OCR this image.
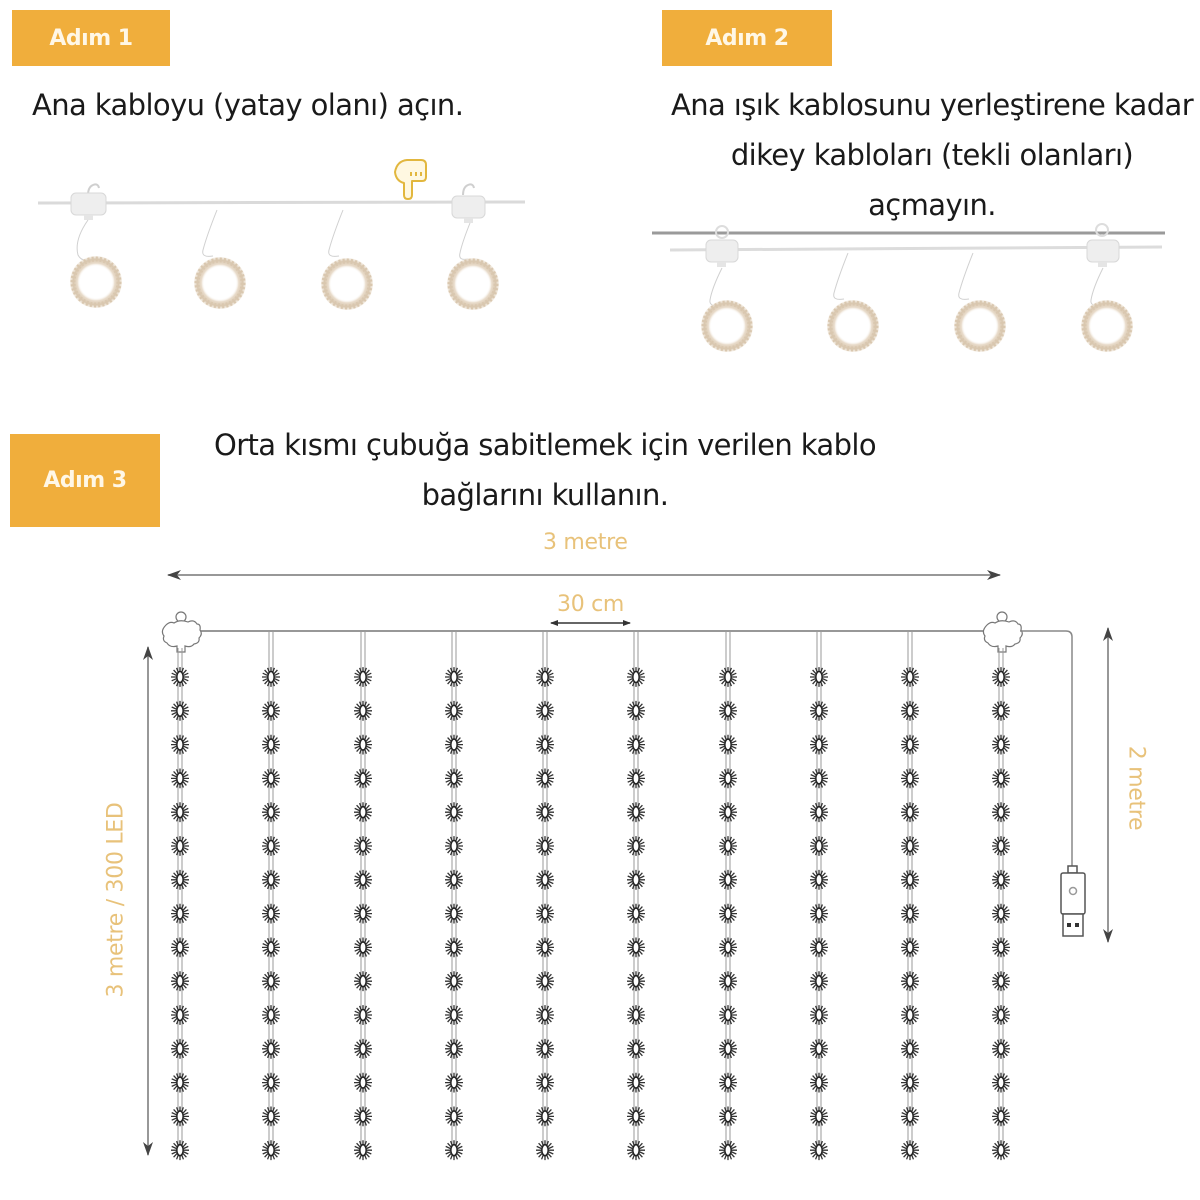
Adım 1	Adım 2
Adım 3
Ana kabloyu (yatay olanı) açın.	Ana ışık kablosunu yerleştirene kadar
dikey kabloları (tekli olanları) açmayın.
Orta kısmı çubuğa sabitlemek için verilen kablo
bağlarını kullanın.
3 metre
30 cm
3 metre / 300 LED
2 metre
